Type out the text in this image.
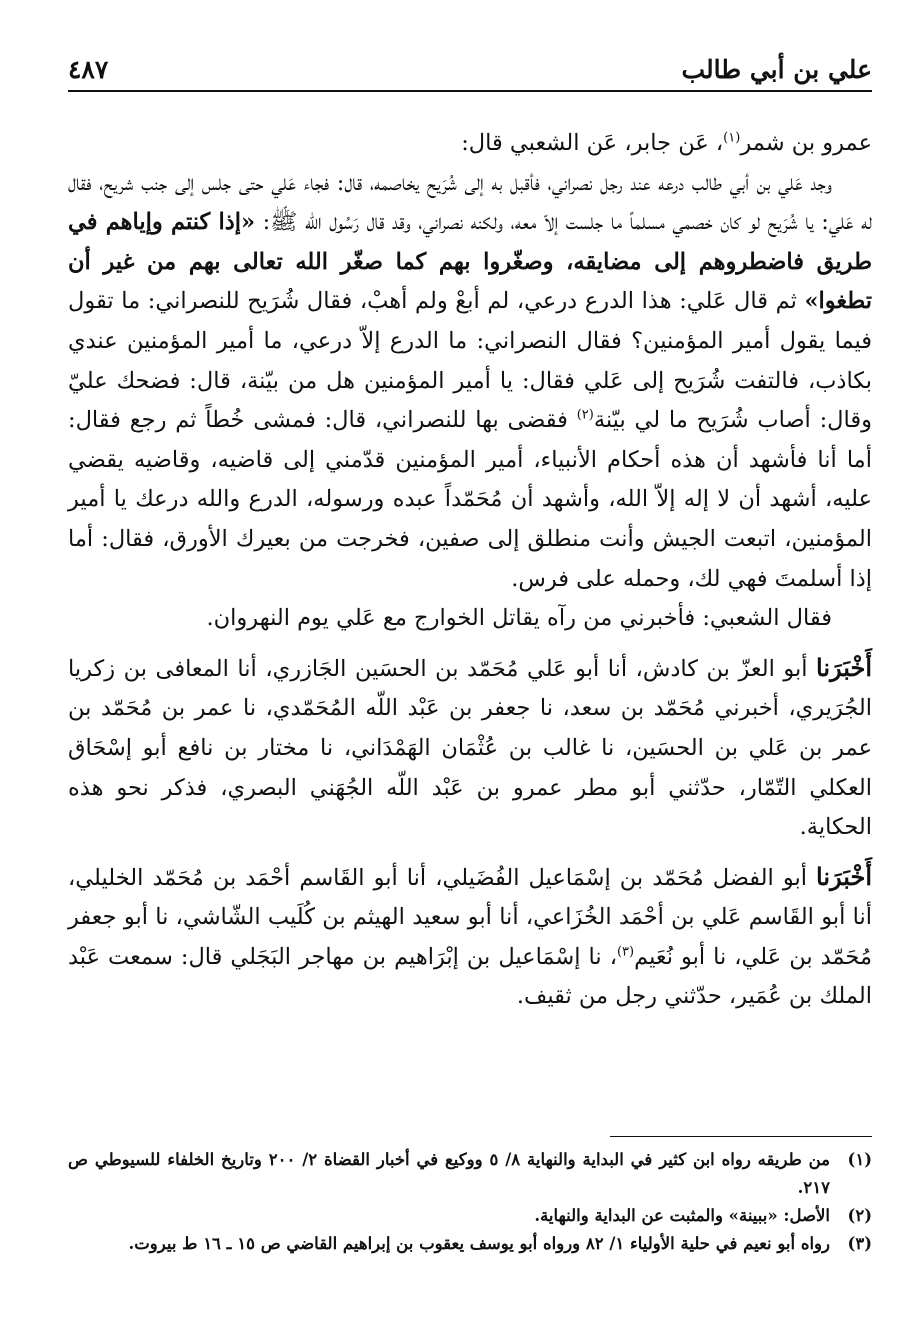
علي بن أبي طالب
٤٨٧

عمرو بن شمر$^{(١)}$، عَن جابر، عَن الشعبي قال:

وجد عَلي بن أبي طالب درعه عند رجل نصراني، فأقبل به إلى شُرَيح يخاصمه، قال: فجاء عَلي حتى جلس إلى جنب شريح، فقال له عَلي: يا شُرَيح لو كان خصمي مسلماً ما جلست إلاّ معه، ولكنه نصراني، وقد قال رَسُول الله ﷺ: «إذا كنتم وإياهم في طريق فاضطروهم إلى مضايقه، وصغّروا بهم كما صغّر الله تعالى بهم من غير أن تطغوا» ثم قال عَلي: هذا الدرع درعي، لم أبعْ ولم أهبْ، فقال شُرَيح للنصراني: ما تقول فيما يقول أمير المؤمنين؟ فقال النصراني: ما الدرع إلاّ درعي، ما أمير المؤمنين عندي بكاذب، فالتفت شُرَيح إلى عَلي فقال: يا أمير المؤمنين هل من بيّنة، قال: فضحك عليّ وقال: أصاب شُرَيح ما لي بيّنة$^{(٢)}$ فقضى بها للنصراني، قال: فمشى خُطاً ثم رجع فقال: أما أنا فأشهد أن هذه أحكام الأنبياء، أمير المؤمنين قدّمني إلى قاضيه، وقاضيه يقضي عليه، أشهد أن لا إله إلاّ الله، وأشهد أن مُحَمّداً عبده ورسوله، الدرع والله درعك يا أمير المؤمنين، اتبعت الجيش وأنت منطلق إلى صفين، فخرجت من بعيرك الأورق، فقال: أما إذا أسلمتَ فهي لك، وحمله على فرس.

فقال الشعبي: فأخبرني من رآه يقاتل الخوارج مع عَلي يوم النهروان.

أَخْبَرَنا أبو العزّ بن كادش، أنا أبو عَلي مُحَمّد بن الحسَين الجَازري، أنا المعافى بن زكريا الجُرَيري، أخبرني مُحَمّد بن سعد، نا جعفر بن عَبْد اللّه المُحَمّدي، نا عمر بن مُحَمّد بن عمر بن عَلي بن الحسَين، نا غالب بن عُثْمَان الهَمْدَاني، نا مختار بن نافع أبو إسْحَاق العكلي التّمّار، حدّثني أبو مطر عمرو بن عَبْد اللّه الجُهَني البصري، فذكر نحو هذه الحكاية.

أَخْبَرَنا أبو الفضل مُحَمّد بن إسْمَاعيل الفُضَيلي، أنا أبو القَاسم أحْمَد بن مُحَمّد الخليلي، أنا أبو القَاسم عَلي بن أحْمَد الخُزَاعي، أنا أبو سعيد الهيثم بن كُلَيب الشّاشي، نا أبو جعفر مُحَمّد بن عَلي، نا أبو نُعَيم$^{(٣)}$، نا إسْمَاعيل بن إبْرَاهيم بن مهاجر البَجَلي قال: سمعت عَبْد الملك بن عُمَير، حدّثني رجل من ثقيف.

(١)
من طريقه رواه ابن كثير في البداية والنهاية ٨/ ٥ ووكيع في أخبار القضاة ٢/ ٢٠٠ وتاريخ الخلفاء للسيوطي ص ٢١٧.
(٢)
الأصل: «ببينة» والمثبت عن البداية والنهاية.
(٣)
رواه أبو نعيم في حلية الأولياء ١/ ٨٢ ورواه أبو يوسف يعقوب بن إبراهيم القاضي ص ١٥ ـ ١٦ ط بيروت.
